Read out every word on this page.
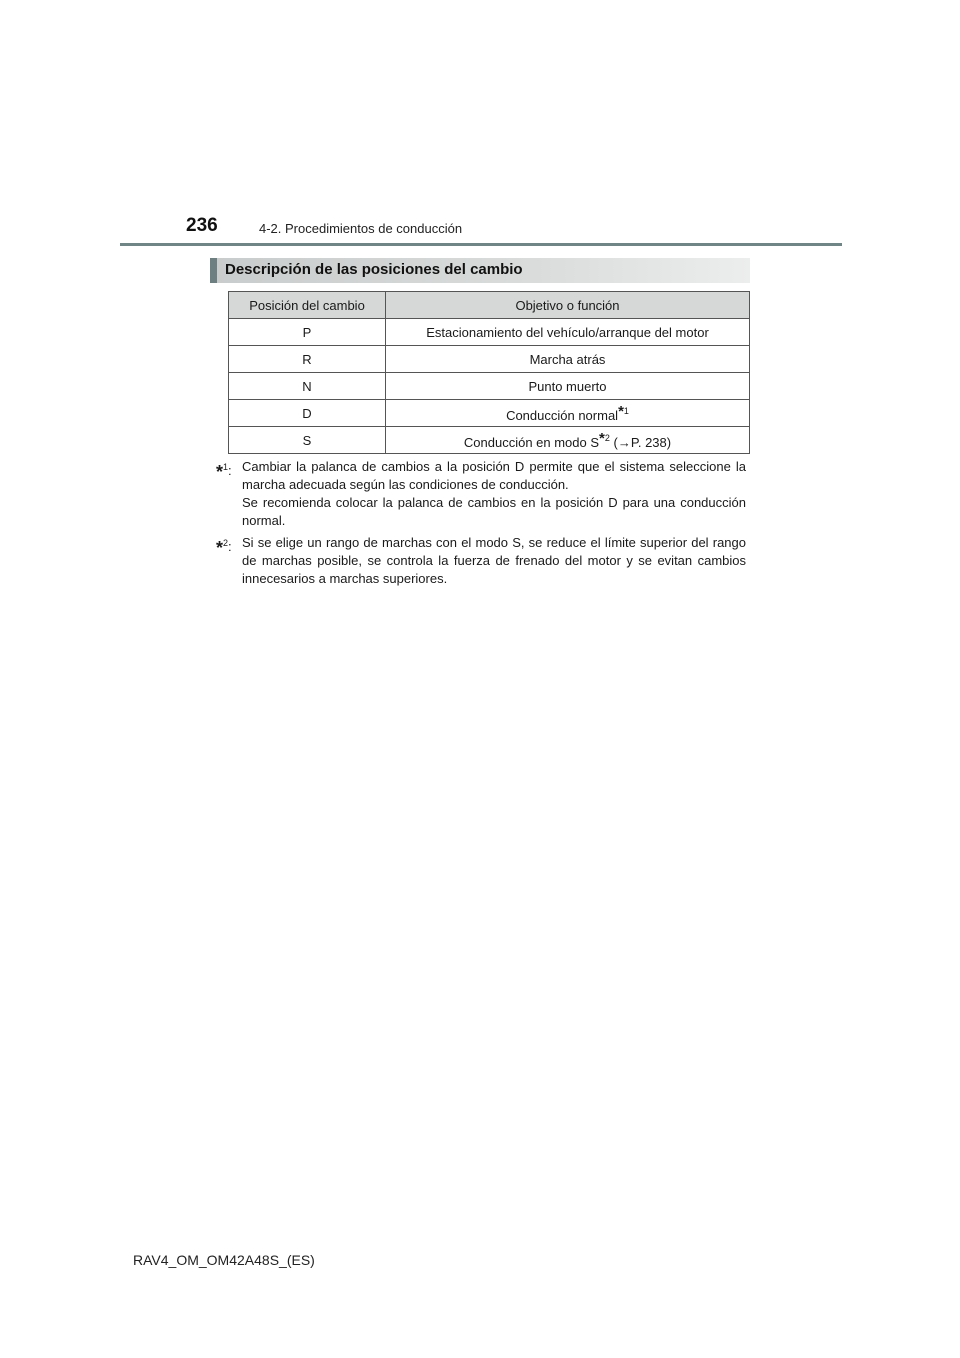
236	4-2. Procedimientos de conducción
Descripción de las posiciones del cambio
Posición del cambio	Objetivo o función
P	Estacionamiento del vehículo/arranque del motor
R	Marcha atrás
N	Punto muerto
D	Conducción normal$^{*1}$
S	Conducción en modo $S^{*2}$ (→P. 238)
*$^1$: Cambiar la palanca de cambios a la posición D permite que el sistema seleccione la marcha adecuada según las condiciones de conducción.

Se recomienda colocar la palanca de cambios en la posición D para una conducción normal.

*$^2$: Si se elige un rango de marchas con el modo S, se reduce el límite superior del rango de marchas posible, se controla la fuerza de frenado del motor y se evitan cambios innecesarios a marchas superiores.

RAV4_OM_OM42A48S_(ES)
